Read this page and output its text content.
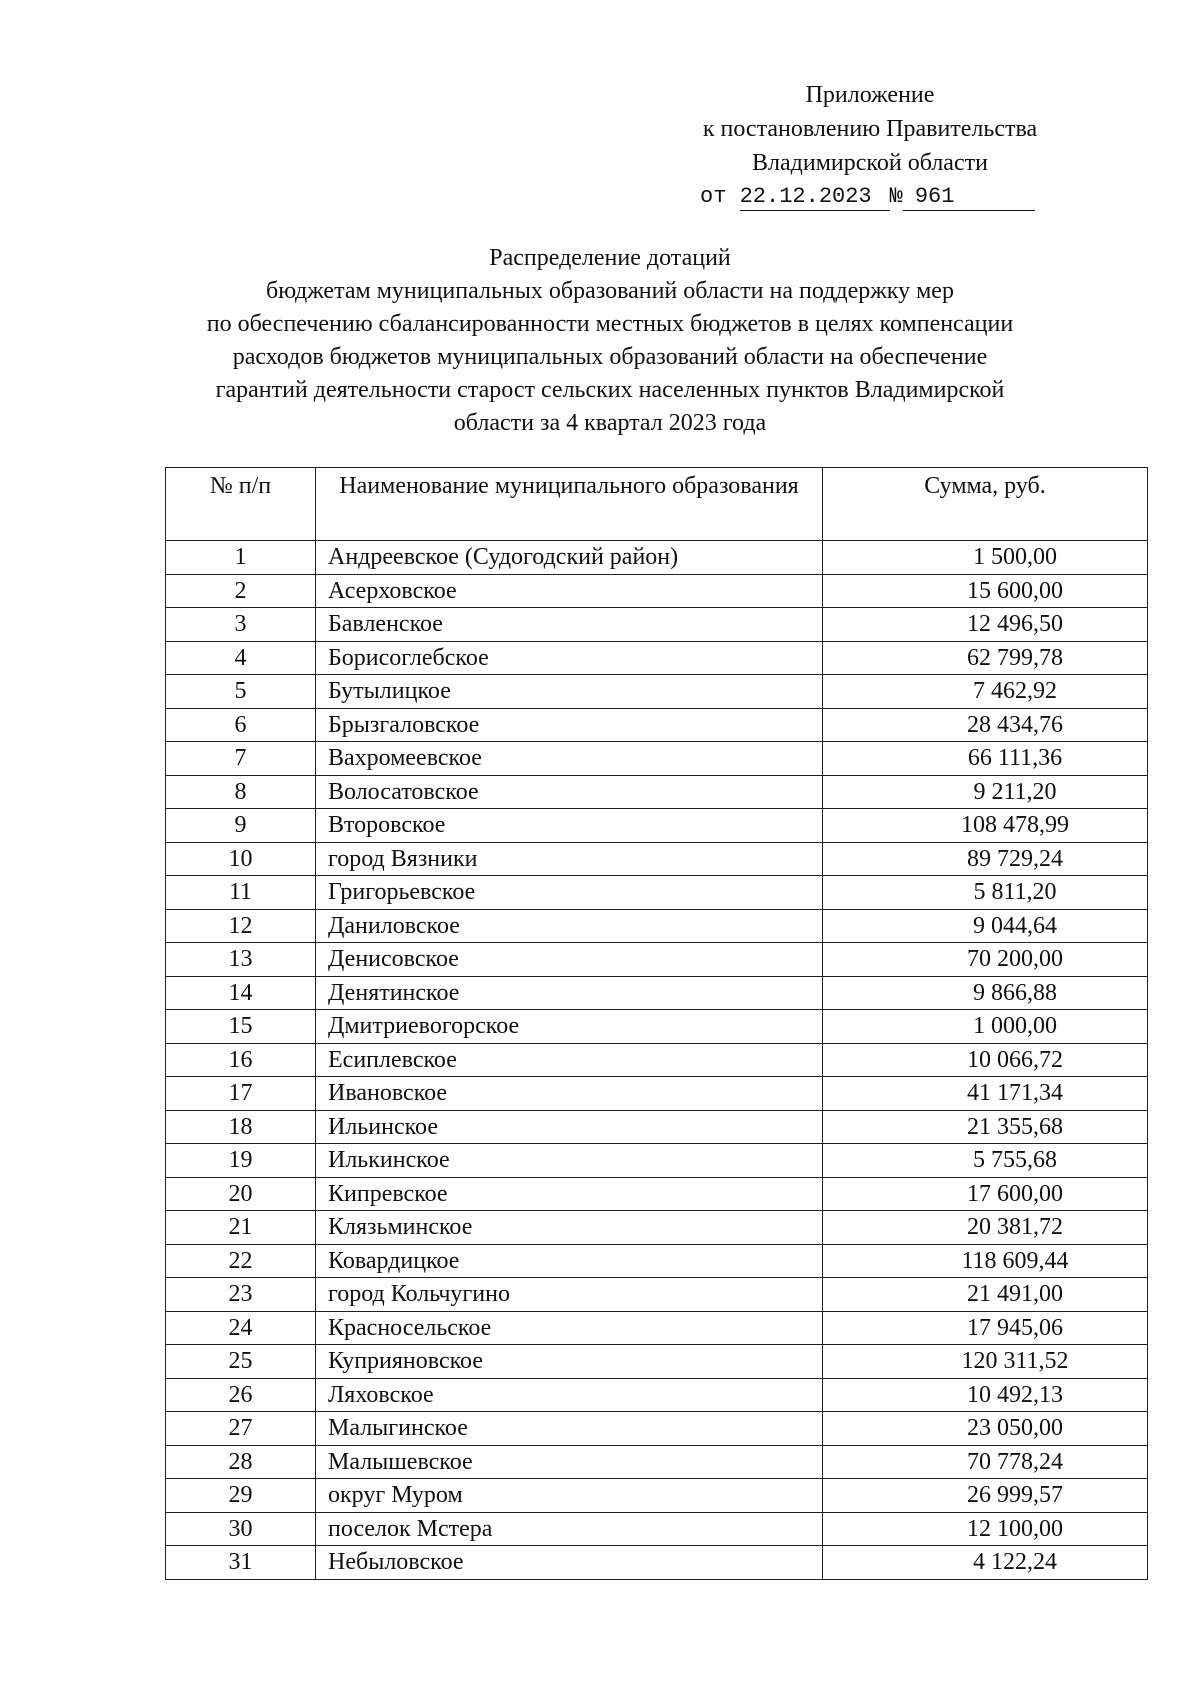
Приложение
к постановлению Правительства
Владимирской области
от 22.12.2023 № 961
Распределение дотаций
бюджетам муниципальных образований области на поддержку мер
по обеспечению сбалансированности местных бюджетов в целях компенсации
расходов бюджетов муниципальных образований области на обеспечение
гарантий деятельности старост сельских населенных пунктов Владимирской
области за 4 квартал 2023 года
№ п/п	Наименование муниципального образования	Сумма, руб.
1	Андреевское (Судогодский район)	1 500,00
2	Асерховское	15 600,00
3	Бавленское	12 496,50
4	Борисоглебское	62 799,78
5	Бутылицкое	7 462,92
6	Брызгаловское	28 434,76
7	Вахромеевское	66 111,36
8	Волосатовское	9 211,20
9	Второвское	108 478,99
10	город Вязники	89 729,24
11	Григорьевское	5 811,20
12	Даниловское	9 044,64
13	Денисовское	70 200,00
14	Денятинское	9 866,88
15	Дмитриевогорское	1 000,00
16	Есиплевское	10 066,72
17	Ивановское	41 171,34
18	Ильинское	21 355,68
19	Илькинское	5 755,68
20	Кипревское	17 600,00
21	Клязьминское	20 381,72
22	Ковардицкое	118 609,44
23	город Кольчугино	21 491,00
24	Красносельское	17 945,06
25	Куприяновское	120 311,52
26	Ляховское	10 492,13
27	Малыгинское	23 050,00
28	Малышевское	70 778,24
29	округ Муром	26 999,57
30	поселок Мстера	12 100,00
31	Небыловское	4 122,24
